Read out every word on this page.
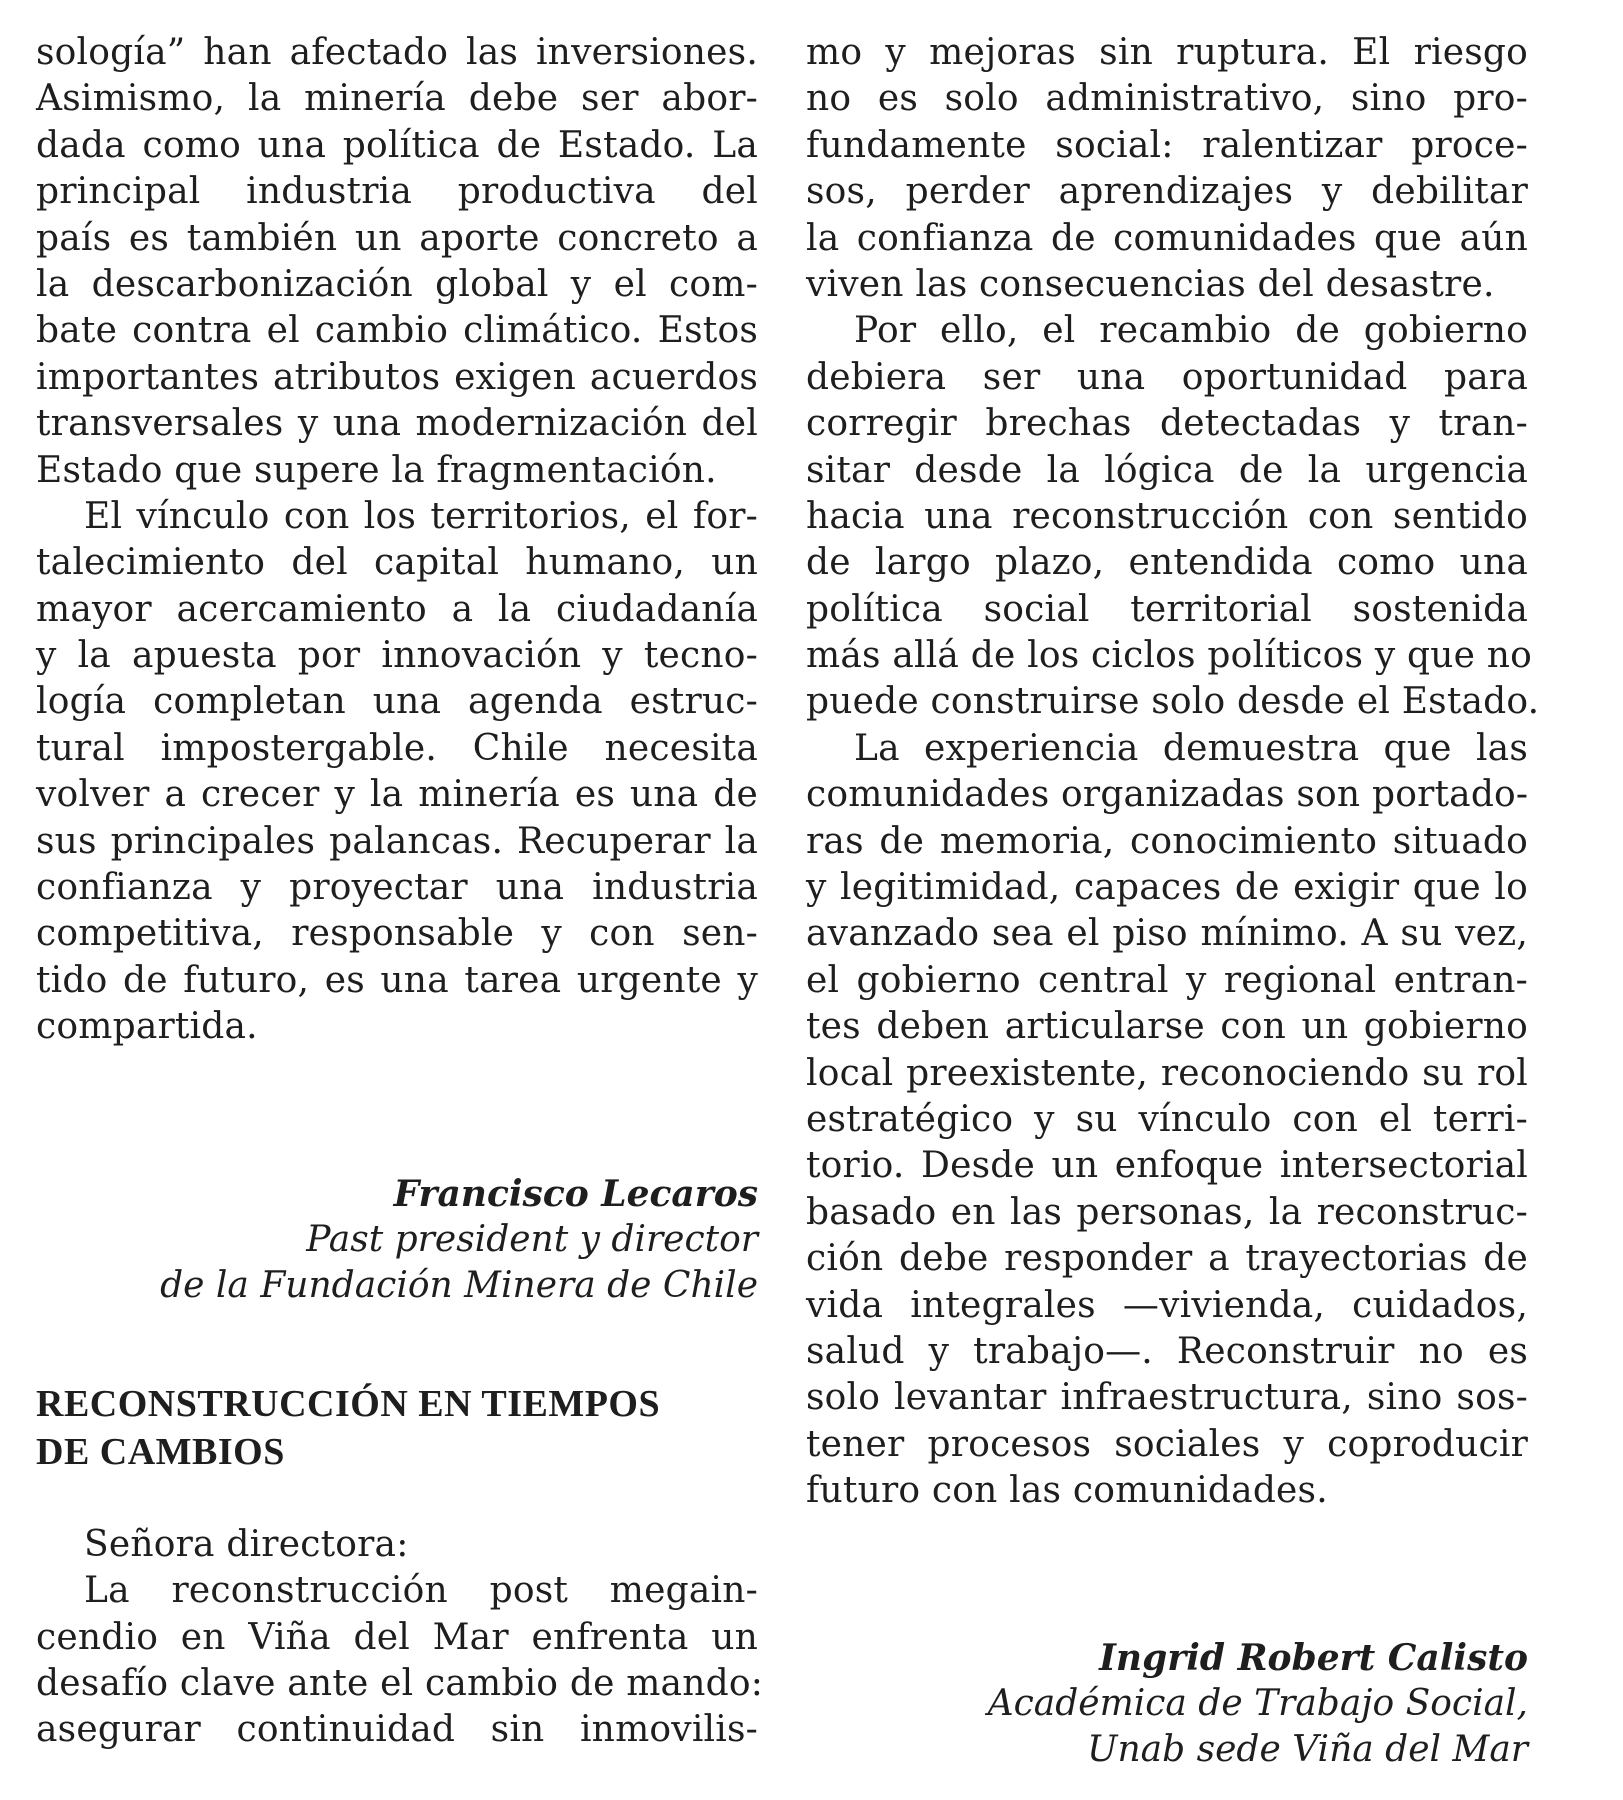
sología” han afectado las inversiones.
Asimismo, la minería debe ser abor-
dada como una política de Estado. La
principal industria productiva del
país es también un aporte concreto a
la descarbonización global y el com-
bate contra el cambio climático. Estos
importantes atributos exigen acuerdos
transversales y una modernización del
Estado que supere la fragmentación.
El vínculo con los territorios, el for-
talecimiento del capital humano, un
mayor acercamiento a la ciudadanía
y la apuesta por innovación y tecno-
logía completan una agenda estruc-
tural impostergable. Chile necesita
volver a crecer y la minería es una de
sus principales palancas. Recuperar la
confianza y proyectar una industria
competitiva, responsable y con sen-
tido de futuro, es una tarea urgente y
compartida.
Francisco Lecaros
Past president y director
de la Fundación Minera de Chile
RECONSTRUCCIÓN EN TIEMPOS
DE CAMBIOS
Señora directora:
La reconstrucción post megain-
cendio en Viña del Mar enfrenta un
desafío clave ante el cambio de mando:
asegurar continuidad sin inmovilis-
mo y mejoras sin ruptura. El riesgo
no es solo administrativo, sino pro-
fundamente social: ralentizar proce-
sos, perder aprendizajes y debilitar
la confianza de comunidades que aún
viven las consecuencias del desastre.
Por ello, el recambio de gobierno
debiera ser una oportunidad para
corregir brechas detectadas y tran-
sitar desde la lógica de la urgencia
hacia una reconstrucción con sentido
de largo plazo, entendida como una
política social territorial sostenida
más allá de los ciclos políticos y que no
puede construirse solo desde el Estado.
La experiencia demuestra que las
comunidades organizadas son portado-
ras de memoria, conocimiento situado
y legitimidad, capaces de exigir que lo
avanzado sea el piso mínimo. A su vez,
el gobierno central y regional entran-
tes deben articularse con un gobierno
local preexistente, reconociendo su rol
estratégico y su vínculo con el terri-
torio. Desde un enfoque intersectorial
basado en las personas, la reconstruc-
ción debe responder a trayectorias de
vida integrales —vivienda, cuidados,
salud y trabajo—. Reconstruir no es
solo levantar infraestructura, sino sos-
tener procesos sociales y coproducir
futuro con las comunidades.
Ingrid Robert Calisto
Académica de Trabajo Social,
Unab sede Viña del Mar
